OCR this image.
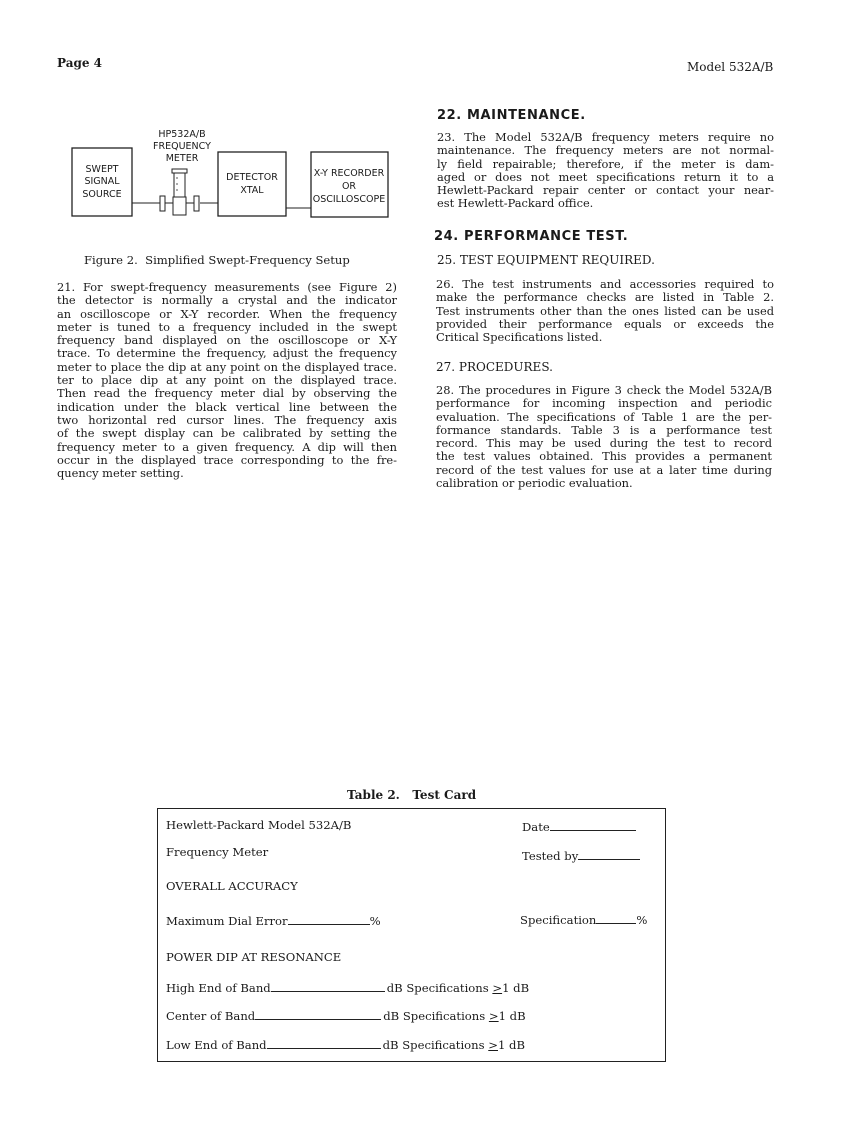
Page 4	Model 532A/B
HP532A/B
FREQUENCY
METER
SWEPT
SIGNAL
SOURCE
DETECTOR
XTAL
X-Y RECORDER
OR
OSCILLOSCOPE
Figure 2.  Simplified Swept-Frequency Setup
21. For swept-frequency measurements (see Figure 2)
the detector is normally a crystal and the indicator
an oscilloscope or X-Y recorder. When the frequency
meter is tuned to a frequency included in the swept
frequency band displayed on the oscilloscope or X-Y
trace. To determine the frequency, adjust the frequency
meter to place the dip at any point on the displayed trace.
ter to place dip at any point on the displayed trace.
Then read the frequency meter dial by observing the
indication under the black vertical line between the
two horizontal red cursor lines. The frequency axis
of the swept display can be calibrated by setting the
frequency meter to a given frequency. A dip will then
occur in the displayed trace corresponding to the fre-
quency meter setting.
22. MAINTENANCE.
23. The Model 532A/B frequency meters require no
maintenance. The frequency meters are not normal-
ly field repairable; therefore, if the meter is dam-
aged or does not meet specifications return it to a
Hewlett-Packard repair center or contact your near-
est Hewlett-Packard office.
24. PERFORMANCE TEST.
25. TEST EQUIPMENT REQUIRED.
26. The test instruments and accessories required to
make the performance checks are listed in Table 2.
Test instruments other than the ones listed can be used
provided their performance equals or exceeds the
Critical Specifications listed.
27. PROCEDURES.
28. The procedures in Figure 3 check the Model 532A/B
performance for incoming inspection and periodic
evaluation. The specifications of Table 1 are the per-
formance standards. Table 3 is a performance test
record. This may be used during the test to record
the test values obtained. This provides a permanent
record of the test values for use at a later time during
calibration or periodic evaluation.
Table 2.   Test Card
Hewlett-Packard Model 532A/B	Date
Frequency Meter	Tested by
OVERALL ACCURACY
Maximum Dial Error	%	Specification	%
POWER DIP AT RESONANCE
High End of Band	dB Specifications ≥1 dB
Center of Band	dB Specifications ≥1 dB
Low End of Band	dB Specifications ≥1 dB
